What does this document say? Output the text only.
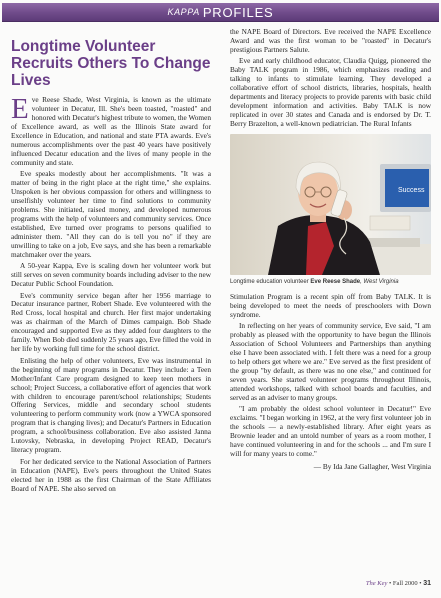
KAPPA PROFILES
Longtime Volunteer Recruits Others To Change Lives

Eve Reese Shade, West Virginia, is known as the ultimate volunteer in Decatur, Ill. She's been toasted, "roasted" and honored with Decatur's highest tribute to women, the Women of Excellence award, as well as the Illinois State award for Excellence in Education, and national and state PTA awards. Eve's numerous accomplishments over the past 40 years have positively influenced Decatur education and the lives of many people in the community and state.

Eve speaks modestly about her accomplishments. "It was a matter of being in the right place at the right time," she explains. Unspoken is her obvious compassion for others and willingness to unselfishly volunteer her time to find solutions to community problems. She initiated, raised money, and developed numerous programs with the help of volunteers and community services. Once established, Eve turned over programs to persons qualified to administer them. "All they can do is tell you no" if they are unwilling to take on a job, Eve says, and she has been a remarkable matchmaker over the years.

A 50-year Kappa, Eve is scaling down her volunteer work but still serves on seven community boards including adviser to the new Decatur Public School Foundation.

Eve's community service began after her 1956 marriage to Decatur insurance partner, Robert Shade. Eve volunteered with the Red Cross, local hospital and church. Her first major undertaking was as chairman of the March of Dimes campaign. Bob Shade encouraged and supported Eve as they added four daughters to the family. When Bob died suddenly 25 years ago, Eve filled the void in her life by working full time for the school district.

Enlisting the help of other volunteers, Eve was instrumental in the beginning of many programs in Decatur. They include: a Teen Mother/Infant Care program designed to keep teen mothers in school; Project Success, a collaborative effort of agencies that work with children to encourage parent/school relationships; Students Offering Services, middle and secondary school students volunteering to perform community work (now a YWCA sponsored program that is changing lives); and Decatur's Partners in Education program, a school/business collaboration. Eve also assisted Janna Lutovsky, Nebraska, in developing Project READ, Decatur's literacy program.

For her dedicated service to the National Association of Partners in Education (NAPE), Eve's peers throughout the United States elected her in 1988 as the first Chairman of the State Affiliates Board of NAPE. She also served on

the NAPE Board of Directors. Eve received the NAPE Excellence Award and was the first woman to be "roasted" in Decatur's prestigious Partners Salute.

Eve and early childhood educator, Claudia Quigg, pioneered the Baby TALK program in 1986, which emphasizes reading and talking to infants to stimulate learning. They developed a collaborative effort of school districts, libraries, hospitals, health departments and literacy projects to provide parents with basic child development information and activities. Baby TALK is now replicated in over 30 states and Canada and is endorsed by Dr. T. Berry Brazelton, a well-known pediatrician. The Rural Infants

Success

Longtime education volunteer Eve Reese Shade, West Virginia

Stimulation Program is a recent spin off from Baby TALK. It is being developed to meet the needs of preschoolers with Down syndrome.

In reflecting on her years of community service, Eve said, "I am probably as pleased with the opportunity to have begun the Illinois Association of School Volunteers and Partnerships than anything else I have been associated with. I felt there was a need for a group to help others get where we are." Eve served as the first president of the group "by default, as there was no one else," and continued for seven years. She started volunteer programs throughout Illinois, attended workshops, talked with school boards and faculties, and served as an adviser to many groups.

"I am probably the oldest school volunteer in Decatur!" Eve exclaims. "I began working in 1962, at the very first volunteer job in the schools — a newly-established library. After eight years as Brownie leader and an untold number of years as a room mother, I have continued volunteering in and for the schools ... and I'm sure I will for many years to come."

— By Ida Jane Gallagher, West Virginia

The Key • Fall 2000 • 31
